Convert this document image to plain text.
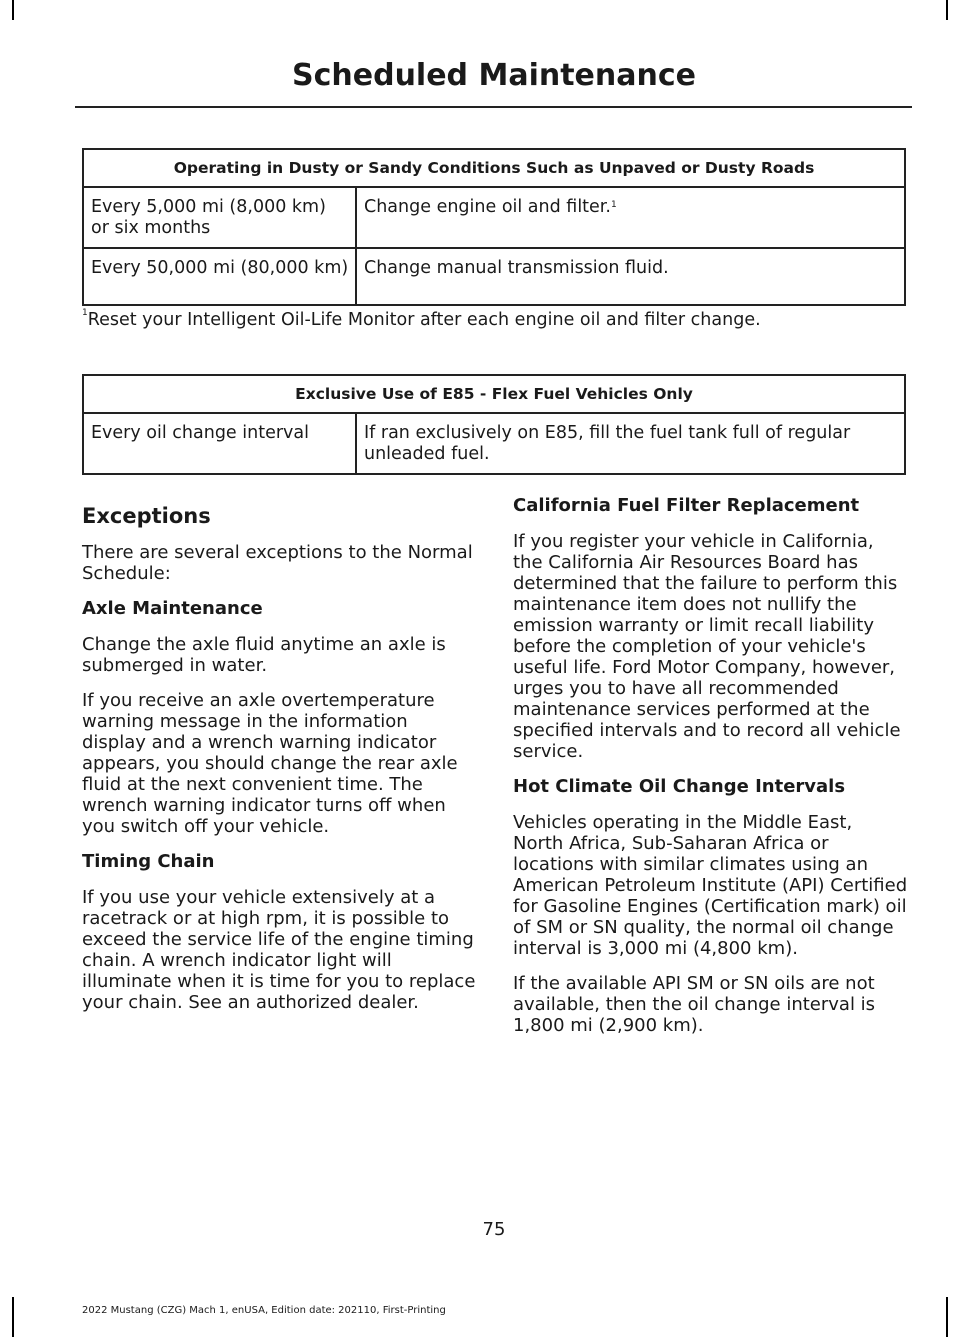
Scheduled Maintenance
Operating in Dusty or Sandy Conditions Such as Unpaved or Dusty Roads	
Every 5,000 mi (8,000 km) or six months	Change engine oil and filter.$^1$
Every 50,000 mi (80,000 km)	Change manual transmission fluid.
$^1$Reset your Intelligent Oil-Life Monitor after each engine oil and filter change.
Exclusive Use of E85 - Flex Fuel Vehicles Only
Every oil change interval	If ran exclusively on E85, fill the fuel tank full of regular unleaded fuel.
Exceptions

There are several exceptions to the Normal Schedule:

Axle Maintenance

Change the axle fluid anytime an axle is submerged in water.

If you receive an axle overtemperature warning message in the information display and a wrench warning indicator appears, you should change the rear axle fluid at the next convenient time. The wrench warning indicator turns off when you switch off your vehicle.

Timing Chain

If you use your vehicle extensively at a racetrack or at high rpm, it is possible to exceed the service life of the engine timing chain. A wrench indicator light will illuminate when it is time for you to replace your chain. See an authorized dealer.

California Fuel Filter Replacement

If you register your vehicle in California, the California Air Resources Board has determined that the failure to perform this maintenance item does not nullify the emission warranty or limit recall liability before the completion of your vehicle's useful life. Ford Motor Company, however, urges you to have all recommended maintenance services performed at the specified intervals and to record all vehicle service.

Hot Climate Oil Change Intervals

Vehicles operating in the Middle East, North Africa, Sub-Saharan Africa or locations with similar climates using an American Petroleum Institute (API) Certified for Gasoline Engines (Certification mark) oil of SM or SN quality, the normal oil change interval is 3,000 mi (4,800 km).

If the available API SM or SN oils are not available, then the oil change interval is 1,800 mi (2,900 km).

75
2022 Mustang (CZG) Mach 1, enUSA, Edition date: 202110, First-Printing
